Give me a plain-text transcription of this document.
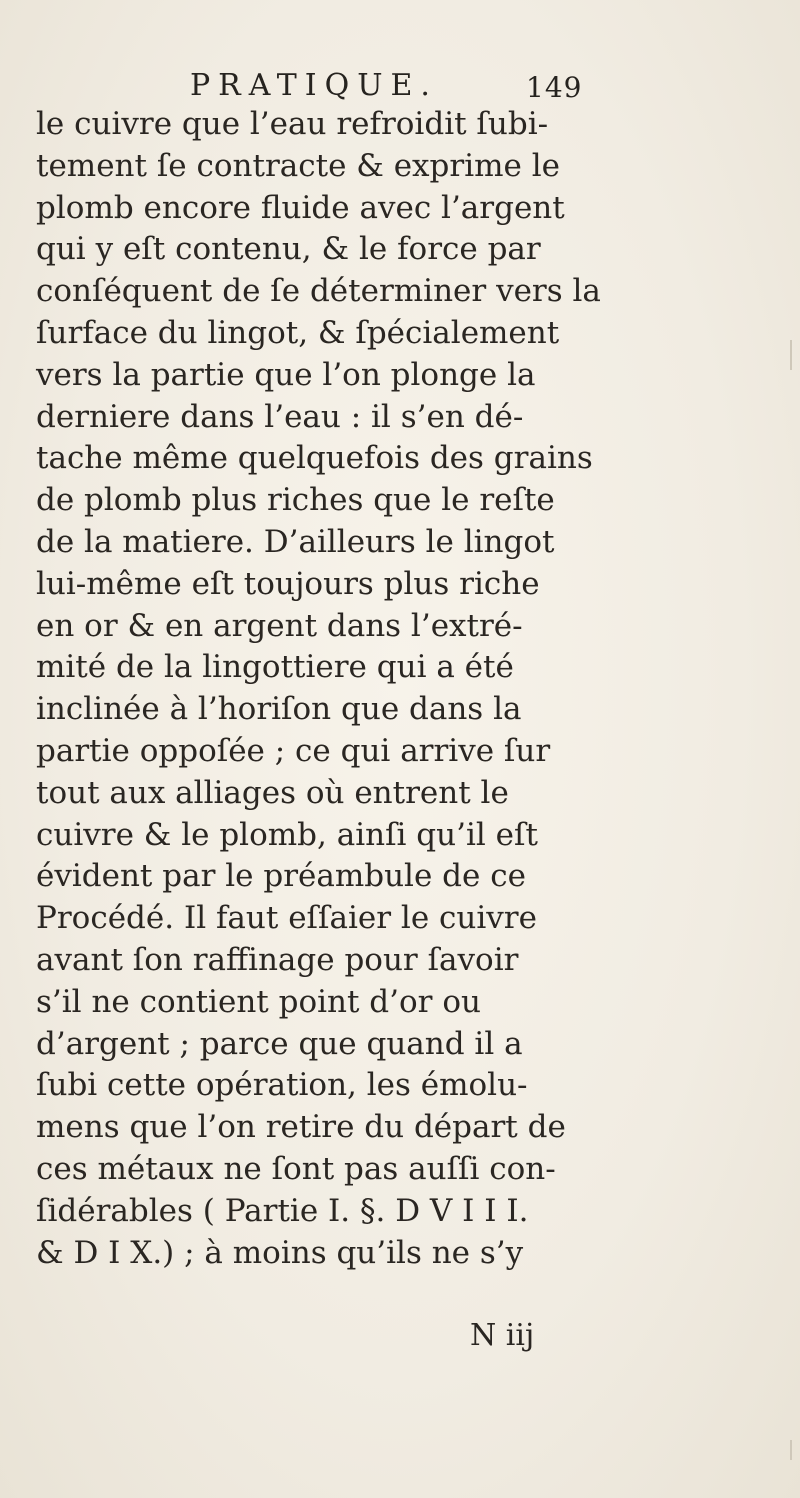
PRATIQUE.	149
le cuivre que l’eau refroidit ſubi-
tement ſe contracte & exprime le
plomb encore fluide avec l’argent
qui y eſt contenu, & le force par
conſéquent de ſe déterminer vers la
ſurface du lingot, & ſpécialement
vers la partie que l’on plonge la
derniere dans l’eau : il s’en dé-
tache même quelquefois des grains
de plomb plus riches que le reſte
de la matiere. D’ailleurs le lingot
lui-même eſt toujours plus riche
en or & en argent dans l’extré-
mité de la lingottiere qui a été
inclinée à l’horiſon que dans la
partie oppoſée ; ce qui arrive ſur
tout aux alliages où entrent le
cuivre & le plomb, ainſi qu’il eſt
évident par le préambule de ce
Procédé. Il faut eſſaier le cuivre
avant ſon raffinage pour ſavoir
s’il ne contient point d’or ou
d’argent ; parce que quand il a
ſubi cette opération, les émolu-
mens que l’on retire du départ de
ces métaux ne ſont pas auſſi con-
ſidérables ( Partie I. §. D V I I I.
& D I X.) ; à moins qu’ils ne s’y
N iij
